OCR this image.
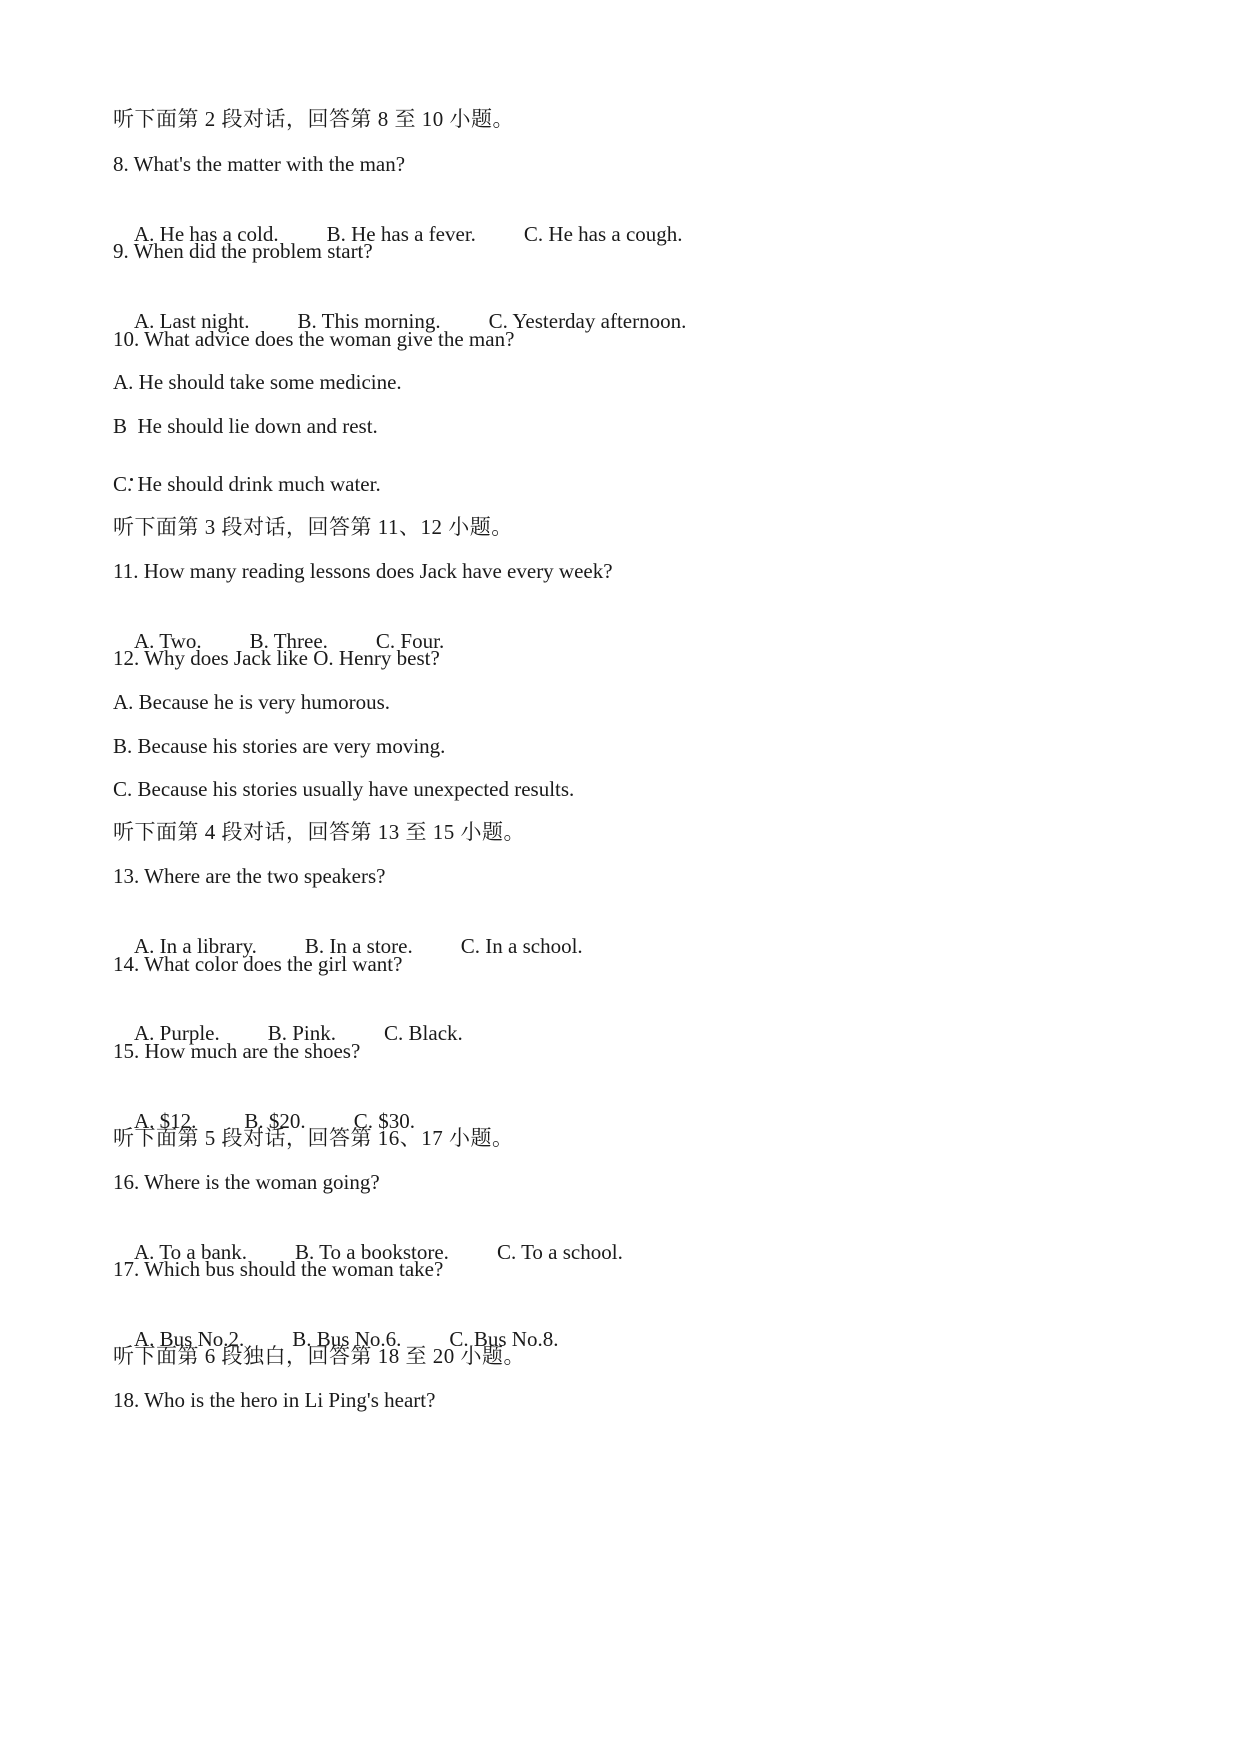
听下面第 2 段对话，回答第 8 至 10 小题。
8. What's the matter with the man?

A. He has a cold. B. He has a fever. C. He has a cough.

9. When did the problem start?

A. Last night. B. This morning. C. Yesterday afternoon.

10. What advice does the woman give the man?
A. He should take some medicine.
B  He should lie down and rest.
C. He should drink much water.
听下面第 3 段对话，回答第 11、12 小题。
11. How many reading lessons does Jack have every week?

A. Two. B. Three. C. Four.

12. Why does Jack like O. Henry best?
A. Because he is very humorous.
B. Because his stories are very moving.
C. Because his stories usually have unexpected results.
听下面第 4 段对话，回答第 13 至 15 小题。
13. Where are the two speakers?

A. In a library. B. In a store. C. In a school.

14. What color does the girl want?

A. Purple. B. Pink. C. Black.

15. How much are the shoes?

A. $12. B. $20. C. $30.

听下面第 5 段对话，回答第 16、17 小题。
16. Where is the woman going?

A. To a bank. B. To a bookstore. C. To a school.

17. Which bus should the woman take?

A. Bus No.2. B. Bus No.6. C. Bus No.8.

听下面第 6 段独白，回答第 18 至 20 小题。
18. Who is the hero in Li Ping's heart?
